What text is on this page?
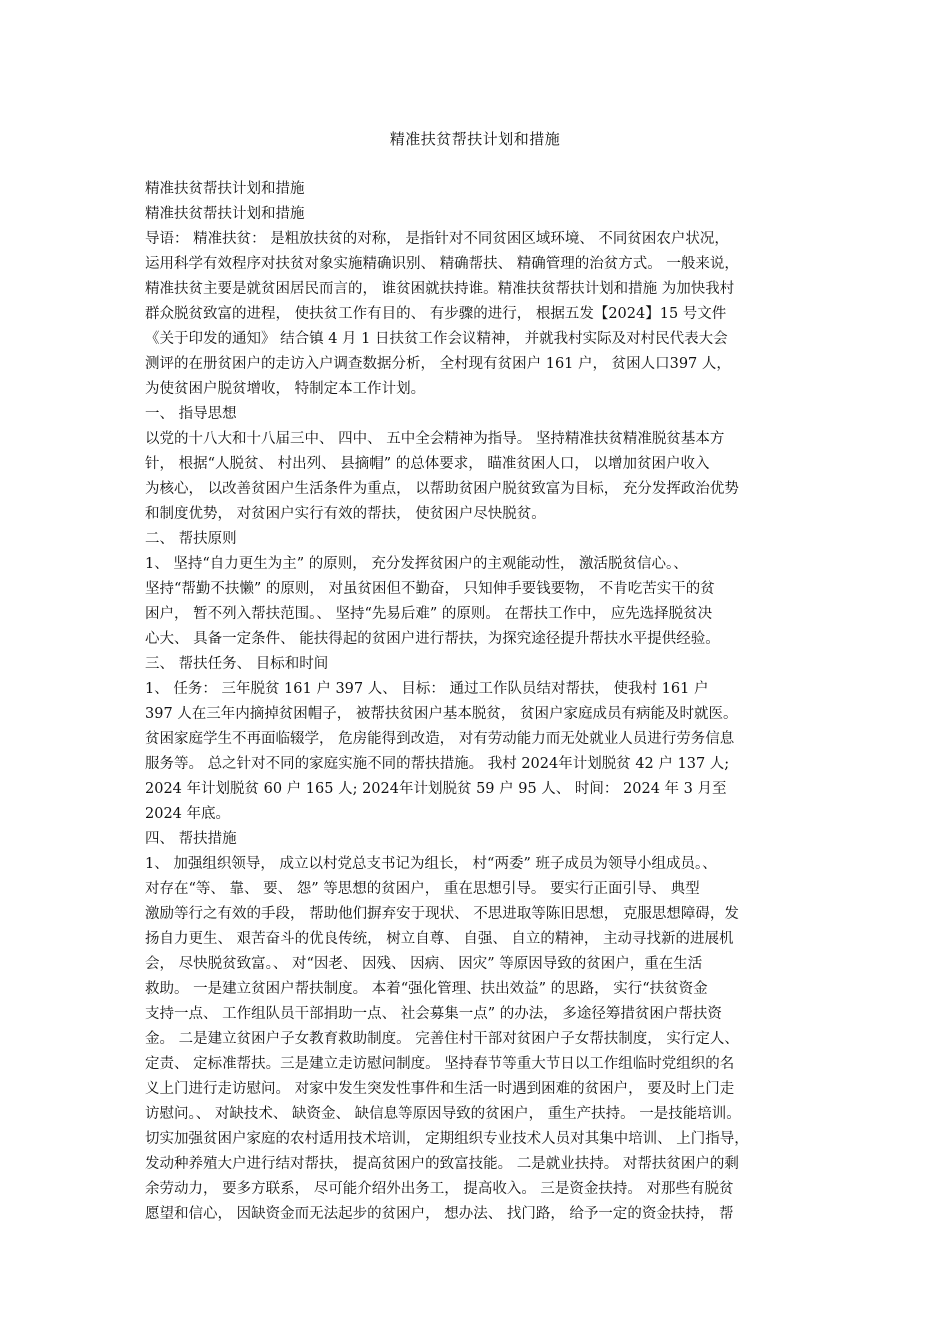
精准扶贫帮扶计划和措施
精准扶贫帮扶计划和措施
精准扶贫帮扶计划和措施
导语： 精准扶贫： 是粗放扶贫的对称， 是指针对不同贫困区域环境、 不同贫困农户状况，
运用科学有效程序对扶贫对象实施精确识别、 精确帮扶、 精确管理的治贫方式。 一般来说，
精准扶贫主要是就贫困居民而言的， 谁贫困就扶持谁。精准扶贫帮扶计划和措施 为加快我村
群众脱贫致富的进程， 使扶贫工作有目的、 有步骤的进行， 根据五发【2024】15 号文件
《关于印发的通知》 结合镇 4 月 1 日扶贫工作会议精神， 并就我村实际及对村民代表大会
测评的在册贫困户的走访入户调查数据分析， 全村现有贫困户 161 户， 贫困人口397 人，
为使贫困户脱贫增收， 特制定本工作计划。
一、 指导思想
以党的十八大和十八届三中、 四中、 五中全会精神为指导。 坚持精准扶贫精准脱贫基本方
针， 根据“人脱贫、 村出列、 县摘帽” 的总体要求， 瞄准贫困人口， 以增加贫困户收入
为核心， 以改善贫困户生活条件为重点， 以帮助贫困户脱贫致富为目标， 充分发挥政治优势
和制度优势， 对贫困户实行有效的帮扶， 使贫困户尽快脱贫。
二、 帮扶原则
1、 坚持“自力更生为主” 的原则， 充分发挥贫困户的主观能动性， 激活脱贫信心。、
坚持“帮勤不扶懒” 的原则， 对虽贫困但不勤奋， 只知伸手要钱要物， 不肯吃苦实干的贫
困户， 暂不列入帮扶范围。、 坚持“先易后难” 的原则。 在帮扶工作中， 应先选择脱贫决
心大、 具备一定条件、 能扶得起的贫困户进行帮扶，为探究途径提升帮扶水平提供经验。
三、 帮扶任务、 目标和时间
1、 任务： 三年脱贫 161 户 397 人、 目标： 通过工作队员结对帮扶， 使我村 161 户
397 人在三年内摘掉贫困帽子， 被帮扶贫困户基本脱贫， 贫困户家庭成员有病能及时就医。
贫困家庭学生不再面临辍学， 危房能得到改造， 对有劳动能力而无处就业人员进行劳务信息
服务等。 总之针对不同的家庭实施不同的帮扶措施。 我村 2024年计划脱贫 42 户 137 人;
2024 年计划脱贫 60 户 165 人; 2024年计划脱贫 59 户 95 人、 时间： 2024 年 3 月至
2024 年底。
四、 帮扶措施
1、 加强组织领导， 成立以村党总支书记为组长， 村“两委” 班子成员为领导小组成员。、
对存在“等、 靠、 要、 怨” 等思想的贫困户， 重在思想引导。 要实行正面引导、 典型
激励等行之有效的手段， 帮助他们摒弃安于现状、 不思进取等陈旧思想， 克服思想障碍，发
扬自力更生、 艰苦奋斗的优良传统， 树立自尊、 自强、 自立的精神， 主动寻找新的进展机
会， 尽快脱贫致富。、 对“因老、 因残、 因病、 因灾” 等原因导致的贫困户，重在生活
救助。 一是建立贫困户帮扶制度。 本着“强化管理、扶出效益” 的思路， 实行“扶贫资金
支持一点、 工作组队员干部捐助一点、 社会募集一点” 的办法， 多途径筹措贫困户帮扶资
金。 二是建立贫困户子女教育救助制度。 完善住村干部对贫困户子女帮扶制度， 实行定人、
定责、 定标准帮扶。三是建立走访慰问制度。 坚持春节等重大节日以工作组临时党组织的名
义上门进行走访慰问。 对家中发生突发性事件和生活一时遇到困难的贫困户， 要及时上门走
访慰问。、 对缺技术、 缺资金、 缺信息等原因导致的贫困户， 重生产扶持。 一是技能培训。
切实加强贫困户家庭的农村适用技术培训， 定期组织专业技术人员对其集中培训、 上门指导，
发动种养殖大户进行结对帮扶， 提高贫困户的致富技能。 二是就业扶持。 对帮扶贫困户的剩
余劳动力， 要多方联系， 尽可能介绍外出务工， 提高收入。 三是资金扶持。 对那些有脱贫
愿望和信心， 因缺资金而无法起步的贫困户， 想办法、 找门路， 给予一定的资金扶持， 帮
